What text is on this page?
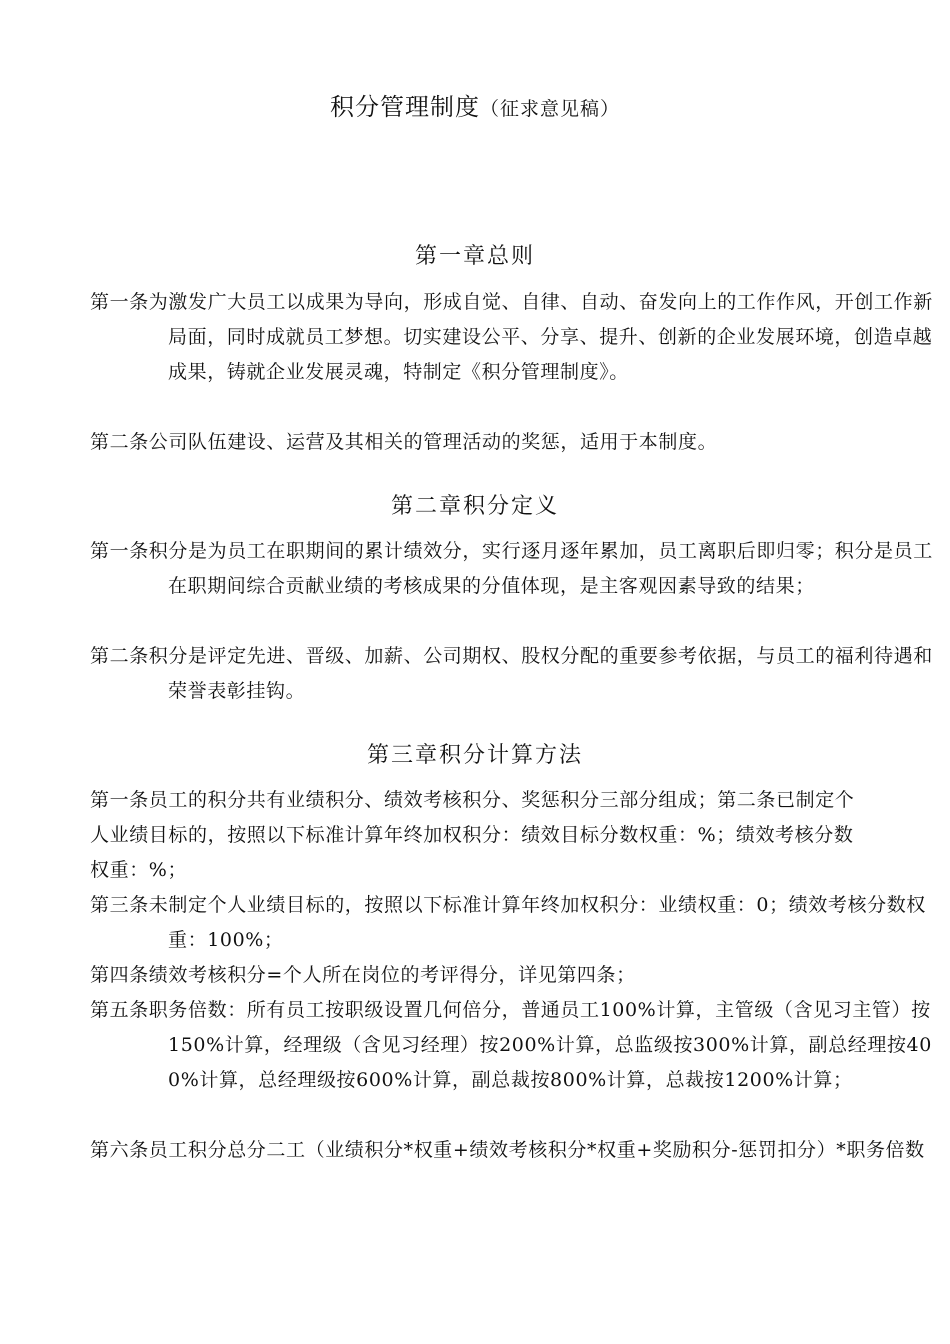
积分管理制度（征求意见稿）
第一章总则
第一条为激发广大员工以成果为导向，形成自觉、自律、自动、奋发向上的工作作风，开创工作新局面，同时成就员工梦想。切实建设公平、分享、提升、创新的企业发展环境，创造卓越成果，铸就企业发展灵魂，特制定《积分管理制度》。
第二条公司队伍建设、运营及其相关的管理活动的奖惩，适用于本制度。
第二章积分定义
第一条积分是为员工在职期间的累计绩效分，实行逐月逐年累加，员工离职后即归零；积分是员工在职期间综合贡献业绩的考核成果的分值体现，是主客观因素导致的结果；
第二条积分是评定先进、晋级、加薪、公司期权、股权分配的重要参考依据，与员工的福利待遇和荣誉表彰挂钩。
第三章积分计算方法
第一条员工的积分共有业绩积分、绩效考核积分、奖惩积分三部分组成；第二条已制定个人业绩目标的，按照以下标准计算年终加权积分：绩效目标分数权重：%；绩效考核分数权重：%；
第三条未制定个人业绩目标的，按照以下标准计算年终加权积分：业绩权重：0；绩效考核分数权重：100%；
第四条绩效考核积分=个人所在岗位的考评得分，详见第四条；
第五条职务倍数：所有员工按职级设置几何倍分，普通员工100%计算，主管级（含见习主管）按150%计算，经理级（含见习经理）按200%计算，总监级按300%计算，副总经理按400%计算，总经理级按600%计算，副总裁按800%计算，总裁按1200%计算；
第六条员工积分总分二工（业绩积分*权重+绩效考核积分*权重+奖励积分-惩罚扣分）*职务倍数
